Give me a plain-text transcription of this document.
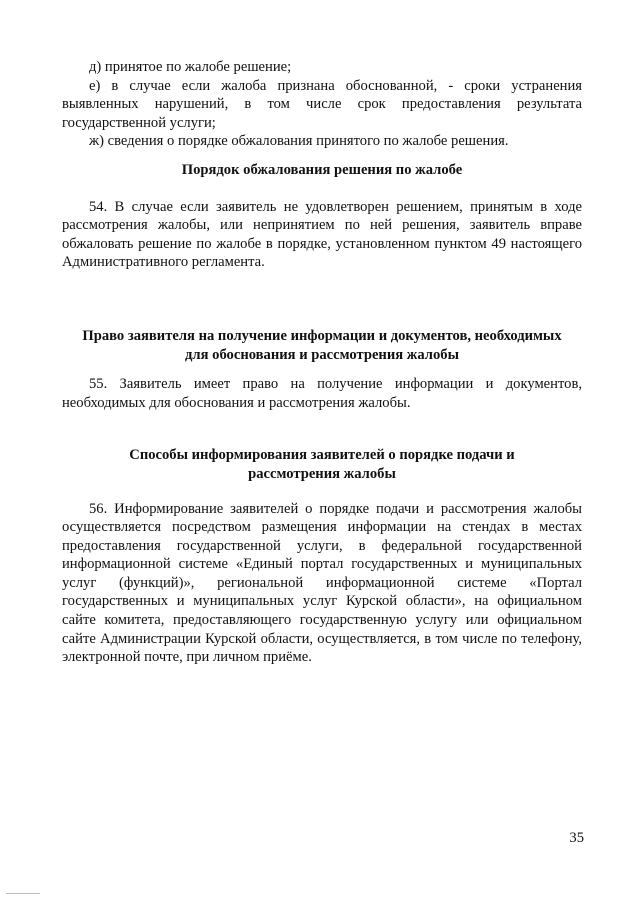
д) принятое по жалобе решение;

е) в случае если жалоба признана обоснованной, - сроки устранения выявленных нарушений, в том числе срок предоставления результата государственной услуги;

ж) сведения о порядке обжалования принятого по жалобе решения.

Порядок обжалования решения по жалобе

54. В случае если заявитель не удовлетворен решением, принятым в ходе рассмотрения жалобы, или непринятием по ней решения, заявитель вправе обжаловать решение по жалобе в порядке, установленном пунктом 49 настоящего Административного регламента.

Право заявителя на получение информации и документов, необходимых
для обоснования и рассмотрения жалобы

55. Заявитель имеет право на получение информации и документов, необходимых для обоснования и рассмотрения жалобы.

Способы информирования заявителей о порядке подачи и
рассмотрения жалобы

56. Информирование заявителей о порядке подачи и рассмотрения жалобы осуществляется посредством размещения информации на стендах в местах предоставления государственной услуги, в федеральной государственной информационной системе «Единый портал государственных и муниципальных услуг (функций)», региональной информационной системе «Портал государственных и муниципальных услуг Курской области», на официальном сайте комитета, предоставляющего государственную услугу или официальном сайте Администрации Курской области, осуществляется, в том числе по телефону, электронной почте, при личном приёме.

35
